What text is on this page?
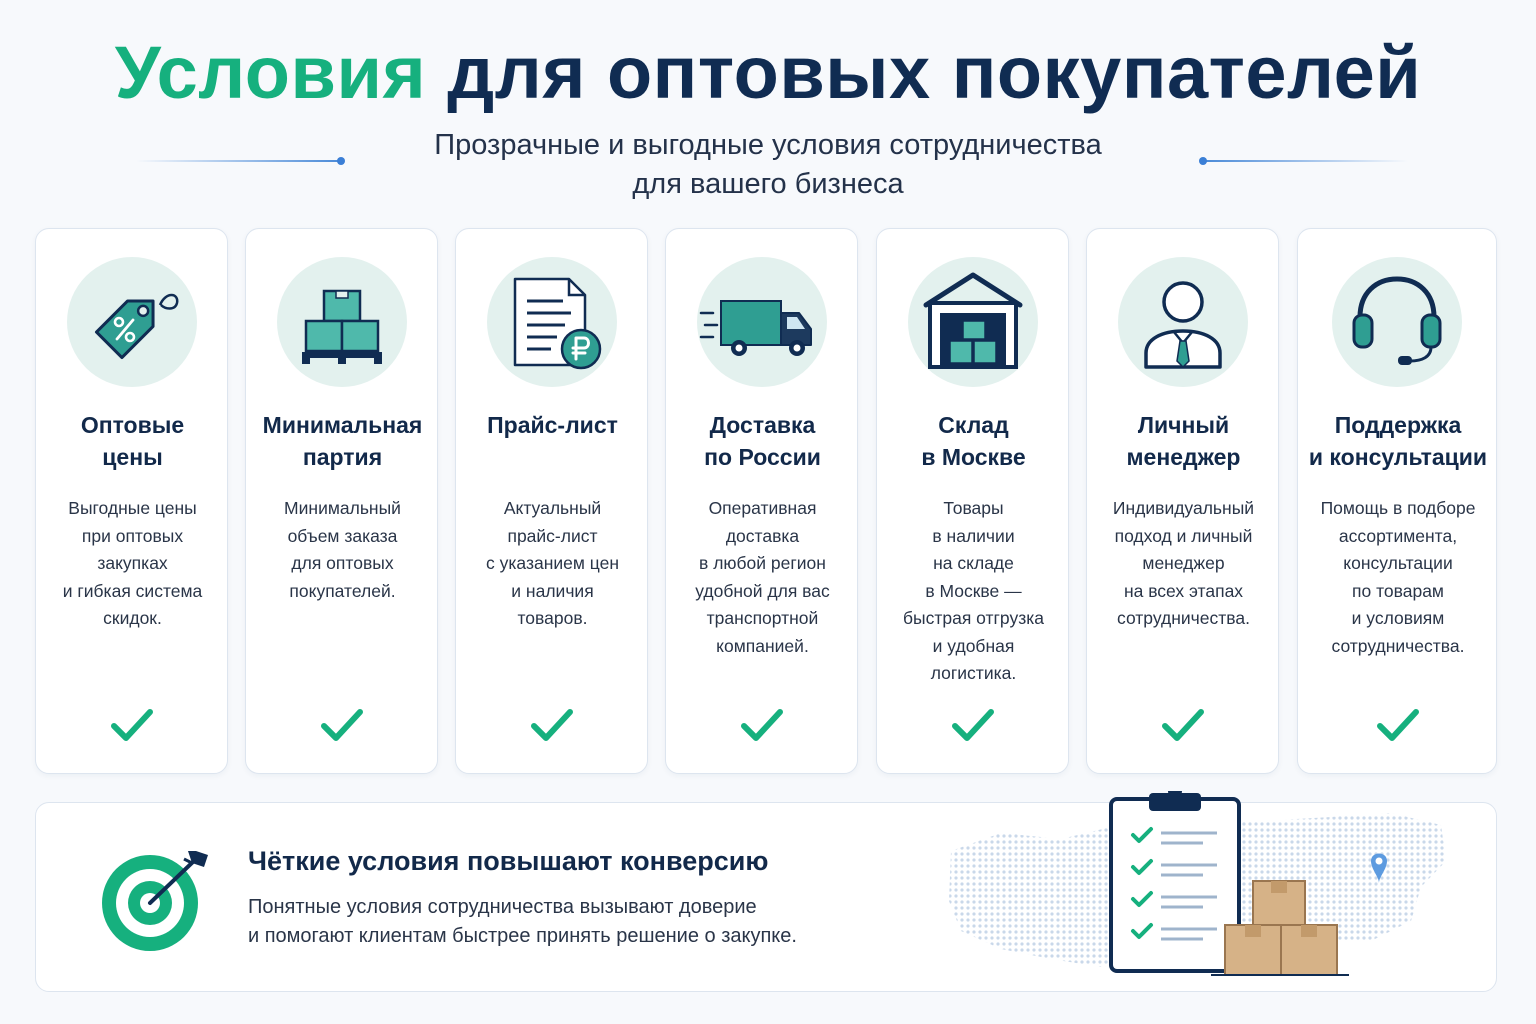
Условия для оптовых покупателей
Прозрачные и выгодные условия сотрудничества
для вашего бизнеса
Оптовые
цены
Выгодные цены
при оптовых
закупках
и гибкая система
скидок.
Минимальная
партия
Минимальный
объем заказа
для оптовых
покупателей.
Прайс-лист
Актуальный
прайс-лист
с указанием цен
и наличия
товаров.
Доставка
по России
Оперативная
доставка
в любой регион
удобной для вас
транспортной
компанией.
Склад
в Москве
Товары
в наличии
на складе
в Москве —
быстрая отгрузка
и удобная
логистика.
Личный
менеджер
Индивидуальный
подход и личный
менеджер
на всех этапах
сотрудничества.
Поддержка
и консультации
Помощь в подборе
ассортимента,
консультации
по товарам
и условиям
сотрудничества.
Чёткие условия повышают конверсию
Понятные условия сотрудничества вызывают доверие
и помогают клиентам быстрее принять решение о закупке.
